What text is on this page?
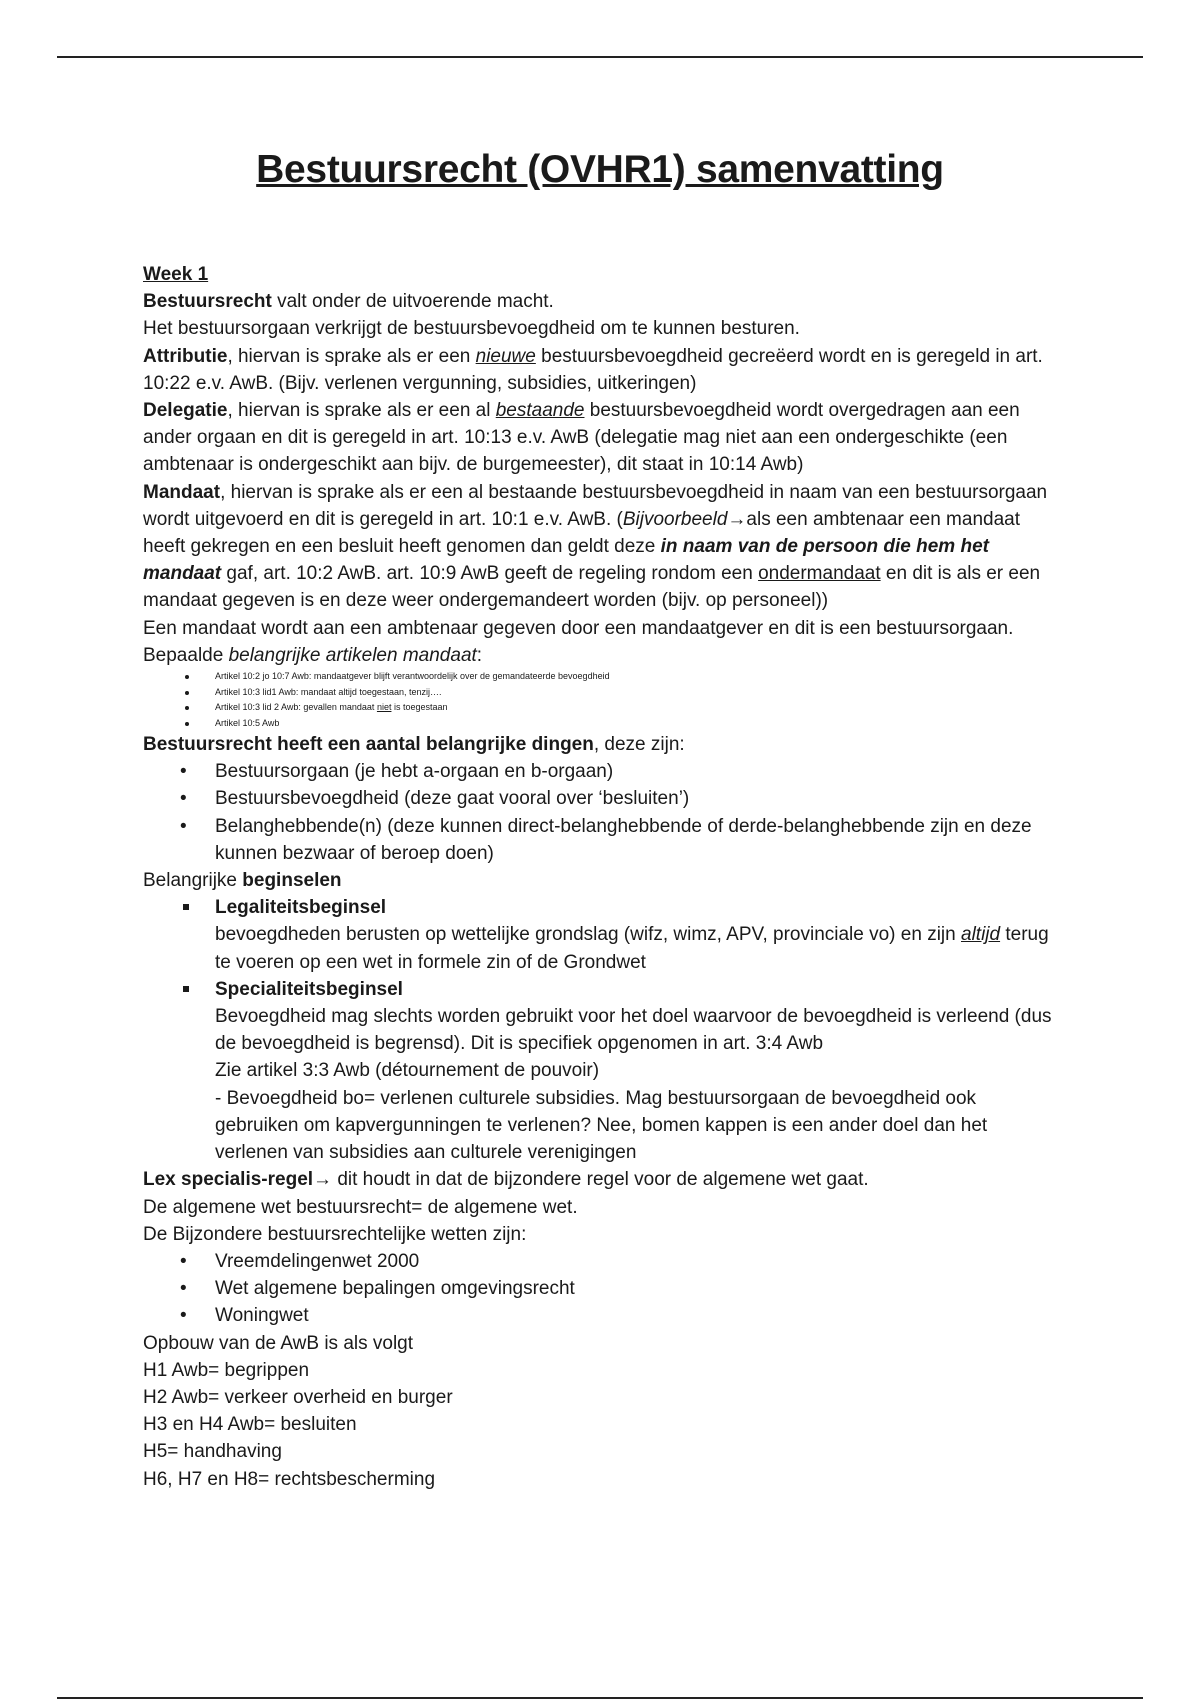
Bestuursrecht (OVHR1) samenvatting

Week 1

Bestuursrecht valt onder de uitvoerende macht.

Het bestuursorgaan verkrijgt de bestuursbevoegdheid om te kunnen besturen.

Attributie, hiervan is sprake als er een nieuwe bestuursbevoegdheid gecreëerd wordt en is geregeld in art. 10:22 e.v. AwB. (Bijv. verlenen vergunning, subsidies, uitkeringen)

Delegatie, hiervan is sprake als er een al bestaande bestuursbevoegdheid wordt overgedragen aan een ander orgaan en dit is geregeld in art. 10:13 e.v. AwB (delegatie mag niet aan een ondergeschikte (een ambtenaar is ondergeschikt aan bijv. de burgemeester), dit staat in 10:14 Awb)

Mandaat, hiervan is sprake als er een al bestaande bestuursbevoegdheid in naam van een bestuursorgaan wordt uitgevoerd en dit is geregeld in art. 10:1 e.v. AwB. (Bijvoorbeeld→als een ambtenaar een mandaat heeft gekregen en een besluit heeft genomen dan geldt deze in naam van de persoon die hem het mandaat gaf, art. 10:2 AwB. art. 10:9 AwB geeft de regeling rondom een ondermandaat en dit is als er een mandaat gegeven is en deze weer ondergemandeert worden (bijv. op personeel))

Een mandaat wordt aan een ambtenaar gegeven door een mandaatgever en dit is een bestuursorgaan.

Bepaalde belangrijke artikelen mandaat:

Artikel 10:2 jo 10:7 Awb: mandaatgever blijft verantwoordelijk over de gemandateerde bevoegdheid
Artikel 10:3 lid1 Awb: mandaat altijd toegestaan, tenzij….
Artikel 10:3 lid 2 Awb: gevallen mandaat niet is toegestaan
Artikel 10:5 Awb

Bestuursrecht heeft een aantal belangrijke dingen, deze zijn:

• Bestuursorgaan (je hebt a-orgaan en b-orgaan)
• Bestuursbevoegdheid (deze gaat vooral over ‘besluiten’)
• Belanghebbende(n) (deze kunnen direct-belanghebbende of derde-belanghebbende zijn en deze kunnen bezwaar of beroep doen)

Belangrijke beginselen

Legaliteitsbeginsel
bevoegdheden berusten op wettelijke grondslag (wifz, wimz, APV, provinciale vo) en zijn altijd terug te voeren op een wet in formele zin of de Grondwet
Specialiteitsbeginsel
Bevoegdheid mag slechts worden gebruikt voor het doel waarvoor de bevoegdheid is verleend (dus de bevoegdheid is begrensd). Dit is specifiek opgenomen in art. 3:4 Awb
Zie artikel 3:3 Awb (détournement de pouvoir)
- Bevoegdheid bo= verlenen culturele subsidies. Mag bestuursorgaan de bevoegdheid ook gebruiken om kapvergunningen te verlenen? Nee, bomen kappen is een ander doel dan het verlenen van subsidies aan culturele verenigingen

Lex specialis-regel→ dit houdt in dat de bijzondere regel voor de algemene wet gaat.

De algemene wet bestuursrecht= de algemene wet.

De Bijzondere bestuursrechtelijke wetten zijn:

• Vreemdelingenwet 2000
• Wet algemene bepalingen omgevingsrecht
• Woningwet

Opbouw van de AwB is als volgt

H1 Awb= begrippen

H2 Awb= verkeer overheid en burger

H3 en H4 Awb= besluiten

H5= handhaving

H6, H7 en H8= rechtsbescherming
